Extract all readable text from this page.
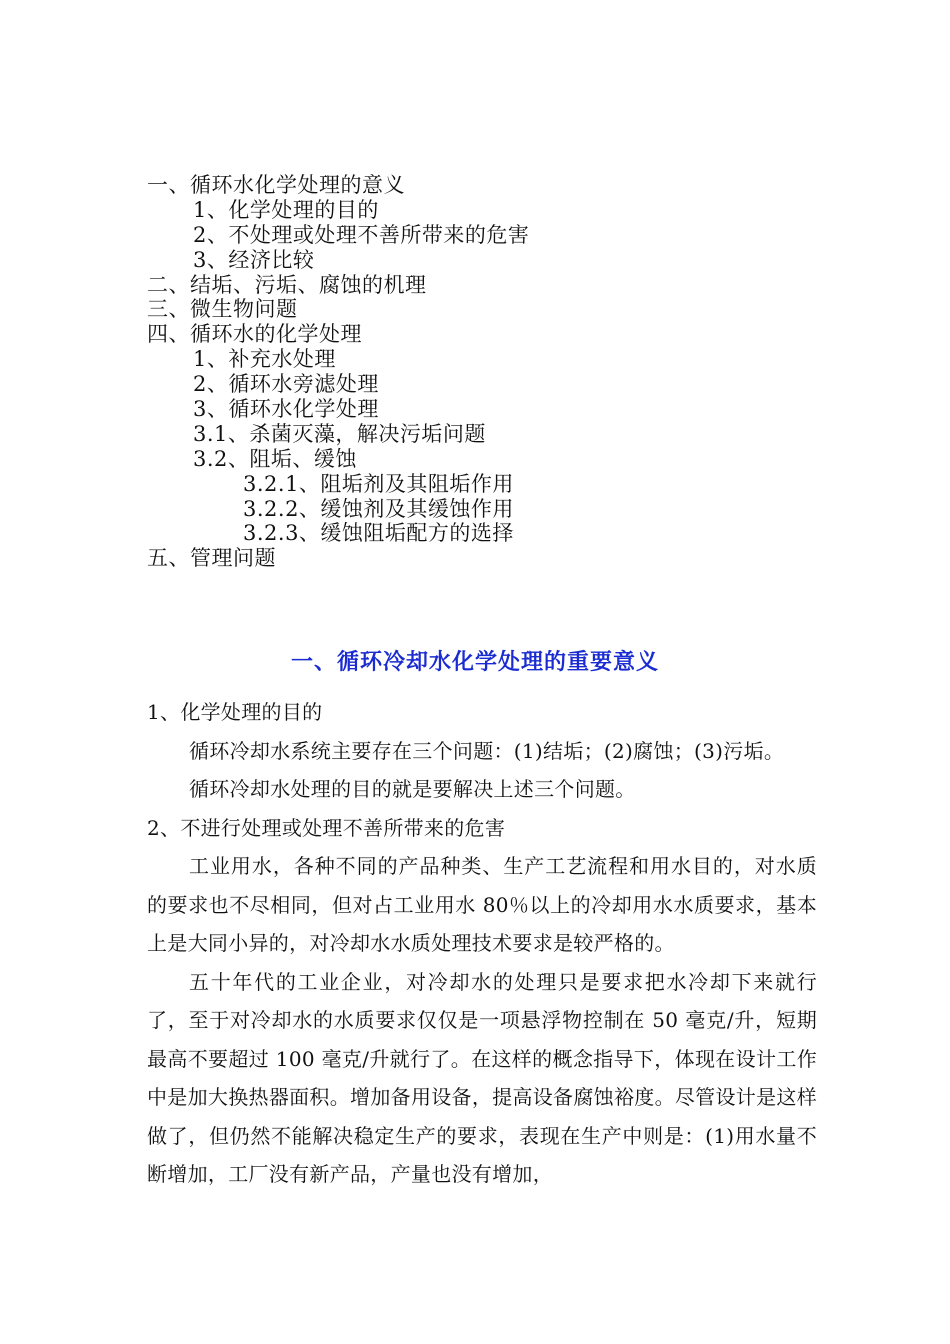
一、循环水化学处理的意义
1、化学处理的目的
2、不处理或处理不善所带来的危害
3、经济比较
二、结垢、污垢、腐蚀的机理
三、微生物问题
四、循环水的化学处理
1、补充水处理
2、循环水旁滤处理
3、循环水化学处理
3.1、杀菌灭藻，解决污垢问题
3.2、阻垢、缓蚀
3.2.1、阻垢剂及其阻垢作用
3.2.2、缓蚀剂及其缓蚀作用
3.2.3、缓蚀阻垢配方的选择
五、管理问题
一、循环冷却水化学处理的重要意义

1、化学处理的目的

循环冷却水系统主要存在三个问题：(1)结垢；(2)腐蚀；(3)污垢。

循环冷却水处理的目的就是要解决上述三个问题。

2、不进行处理或处理不善所带来的危害

工业用水，各种不同的产品种类、生产工艺流程和用水目的，对水质的要求也不尽相同，但对占工业用水 80％以上的冷却用水水质要求，基本上是大同小异的，对冷却水水质处理技术要求是较严格的。

五十年代的工业企业，对冷却水的处理只是要求把水冷却下来就行了，至于对冷却水的水质要求仅仅是一项悬浮物控制在 50 毫克/升，短期最高不要超过 100 毫克/升就行了。在这样的概念指导下，体现在设计工作中是加大换热器面积。增加备用设备，提高设备腐蚀裕度。尽管设计是这样做了，但仍然不能解决稳定生产的要求，表现在生产中则是：(1)用水量不断增加，工厂没有新产品，产量也没有增加，
